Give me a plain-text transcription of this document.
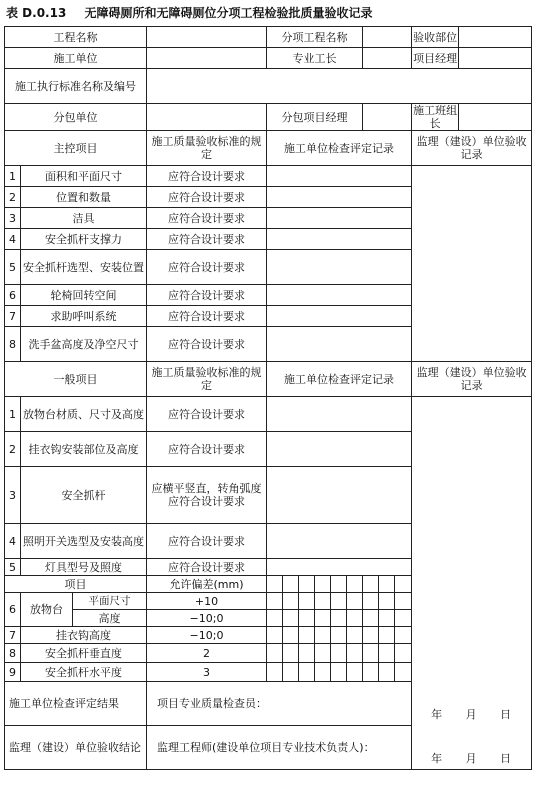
表 D.0.13 无障碍厕所和无障碍厕位分项工程检验批质量验收记录
工程名称				分项工程名称									验收部位	
施工单位				专业工长									项目经理	
施工执行标准名称及编号														
分包单位				分包项目经理									施工班组长	
主控项目			施工质量验收标准的规定	施工单位检查评定记录									监理（建设）单位验收记录	
1	面积和平面尺寸		应符合设计要求											
2	位置和数量		应符合设计要求											
3	洁具		应符合设计要求											
4	安全抓杆支撑力		应符合设计要求											
5	安全抓杆选型、安装位置		应符合设计要求											
6	轮椅回转空间		应符合设计要求											
7	求助呼叫系统		应符合设计要求											
8	洗手盆高度及净空尺寸		应符合设计要求											
一般项目			施工质量验收标准的规定	施工单位检查评定记录									监理（建设）单位验收记录	
1	放物台材质、尺寸及高度		应符合设计要求											
2	挂衣钩安装部位及高度		应符合设计要求											
3	安全抓杆		应横平竖直，转角弧度应符合设计要求											
4	照明开关选型及安装高度		应符合设计要求											
5	灯具型号及照度		应符合设计要求											
项目			允许偏差(mm)											
6	放物台	平面尺寸	+10											
		高度	−10;0											
7	挂衣钩高度		−10;0											
8	安全抓杆垂直度		2											
9	安全抓杆水平度		3											
施工单位检查评定结果			项目专业质量检查员：
年 月 日											

监理（建设）单位验收结论			监理工程师(建设单位项目专业技术负责人)：
年 月 日											
